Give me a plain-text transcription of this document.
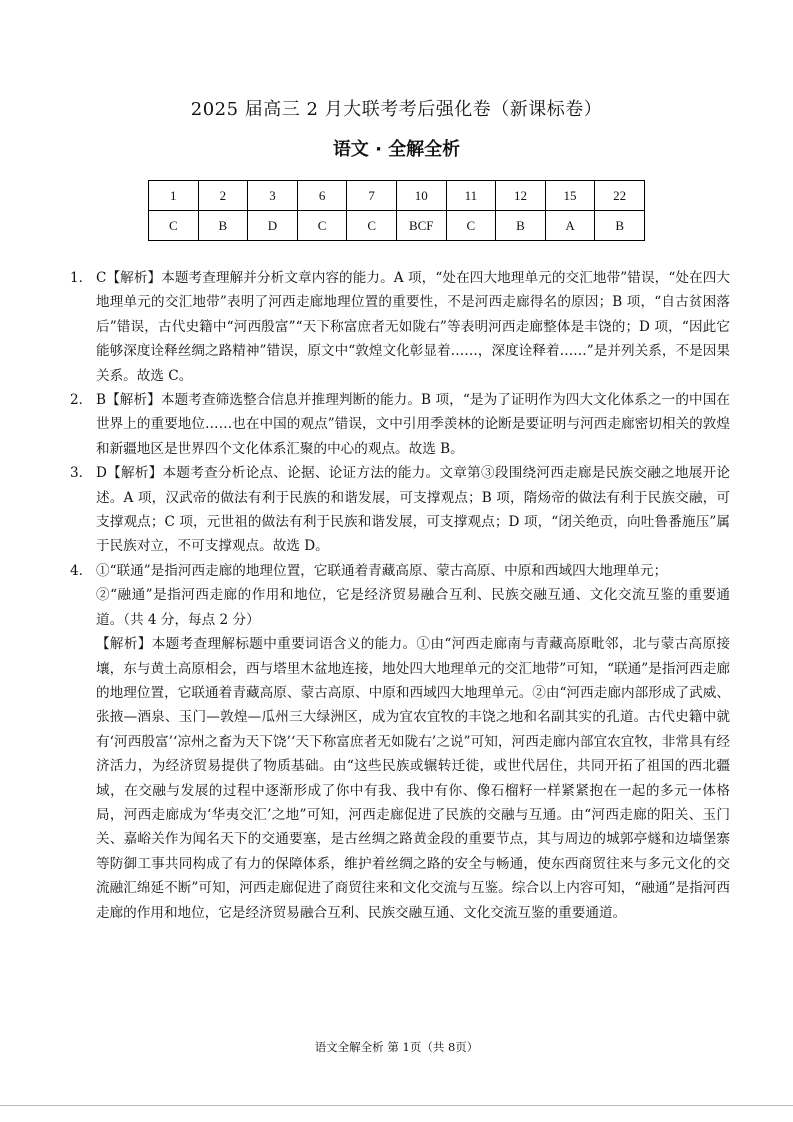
2025 届高三 2 月大联考考后强化卷（新课标卷）
语文 · 全解全析
1	2	3	6	7	10	11	12	15	22
C	B	D	C	C	BCF	C	B	A	B
1． C【解析】本题考查理解并分析文章内容的能力。A 项，“处在四大地理单元的交汇地带”错误，“处在四大地理单元的交汇地带”表明了河西走廊地理位置的重要性，不是河西走廊得名的原因；B 项，“自古贫困落后”错误，古代史籍中“河西殷富”“天下称富庶者无如陇右”等表明河西走廊整体是丰饶的；D 项，“因此它能够深度诠释丝绸之路精神”错误，原文中“敦煌文化彰显着……，深度诠释着……”是并列关系，不是因果关系。故选 C。

2． B【解析】本题考查筛选整合信息并推理判断的能力。B 项，“是为了证明作为四大文化体系之一的中国在世界上的重要地位……也在中国的观点”错误，文中引用季羡林的论断是要证明与河西走廊密切相关的敦煌和新疆地区是世界四个文化体系汇聚的中心的观点。故选 B。

3． D【解析】本题考查分析论点、论据、论证方法的能力。文章第③段围绕河西走廊是民族交融之地展开论述。A 项，汉武帝的做法有利于民族的和谐发展，可支撑观点；B 项，隋炀帝的做法有利于民族交融，可支撑观点；C 项，元世祖的做法有利于民族和谐发展，可支撑观点；D 项，“闭关绝贡，向吐鲁番施压”属于民族对立，不可支撑观点。故选 D。

4． ①“联通”是指河西走廊的地理位置，它联通着青藏高原、蒙古高原、中原和西域四大地理单元；

②“融通”是指河西走廊的作用和地位，它是经济贸易融合互利、民族交融互通、文化交流互鉴的重要通道。（共 4 分，每点 2 分）

【解析】本题考查理解标题中重要词语含义的能力。①由“河西走廊南与青藏高原毗邻，北与蒙古高原接壤，东与黄土高原相会，西与塔里木盆地连接，地处四大地理单元的交汇地带”可知，“联通”是指河西走廊的地理位置，它联通着青藏高原、蒙古高原、中原和西域四大地理单元。②由“河西走廊内部形成了武威、张掖—酒泉、玉门—敦煌—瓜州三大绿洲区，成为宜农宜牧的丰饶之地和名副其实的孔道。古代史籍中就有‘河西殷富’‘凉州之畜为天下饶’‘天下称富庶者无如陇右’之说”可知，河西走廊内部宜农宜牧，非常具有经济活力，为经济贸易提供了物质基础。由“这些民族或辗转迁徙，或世代居住，共同开拓了祖国的西北疆域，在交融与发展的过程中逐渐形成了你中有我、我中有你、像石榴籽一样紧紧抱在一起的多元一体格局，河西走廊成为‘华夷交汇’之地”可知，河西走廊促进了民族的交融与互通。由“河西走廊的阳关、玉门关、嘉峪关作为闻名天下的交通要塞，是古丝绸之路黄金段的重要节点，其与周边的城郭亭燧和边墙堡寨等防御工事共同构成了有力的保障体系，维护着丝绸之路的安全与畅通，使东西商贸往来与多元文化的交流融汇绵延不断”可知，河西走廊促进了商贸往来和文化交流与互鉴。综合以上内容可知，“融通”是指河西走廊的作用和地位，它是经济贸易融合互利、民族交融互通、文化交流互鉴的重要通道。

语文全解全析 第 1页（共 8页）
